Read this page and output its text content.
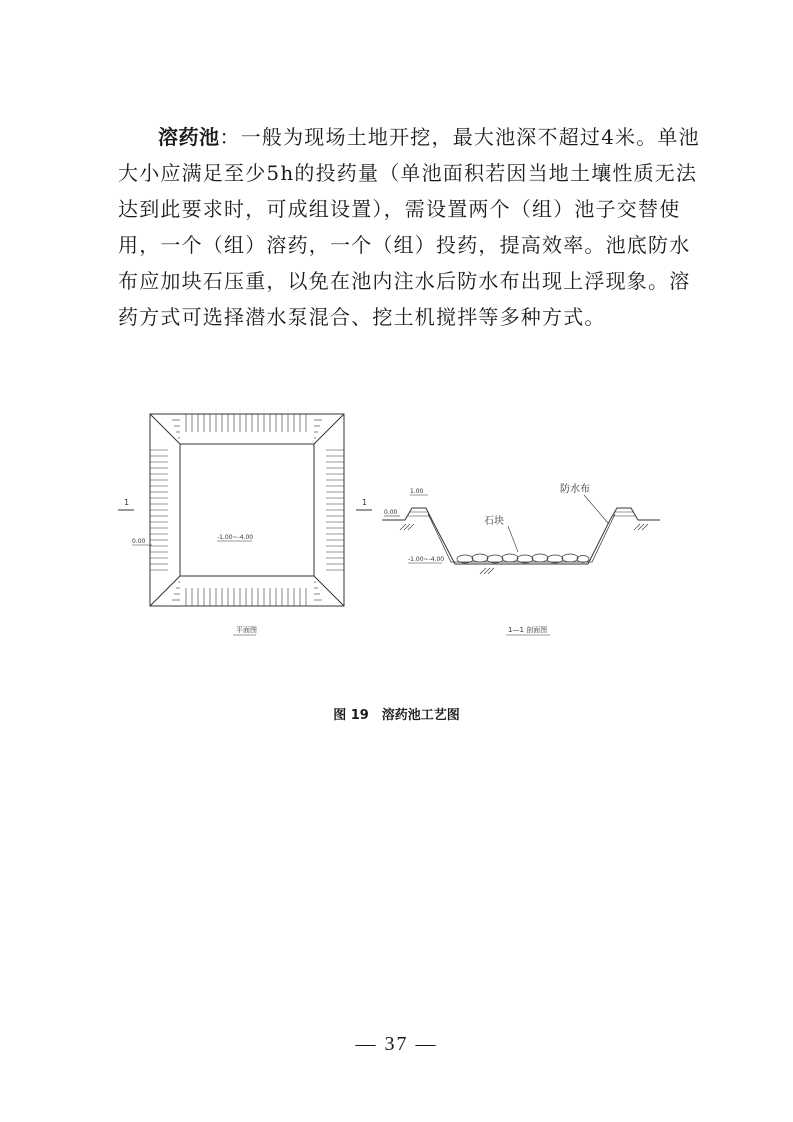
溶药池：一般为现场土地开挖，最大池深不超过4米。单池大小应满足至少5h的投药量（单池面积若因当地土壤性质无法达到此要求时，可成组设置），需设置两个（组）池子交替使用，一个（组）溶药，一个（组）投药，提高效率。池底防水布应加块石压重，以免在池内注水后防水布出现上浮现象。溶药方式可选择潜水泵混合、挖土机搅拌等多种方式。

1	1
0.00
-1.00~-4.00
平面图
1.00
0.00
-1.00~-4.00
石块
防水布
1—1 剖面图
图 19　溶药池工艺图
— 37 —
